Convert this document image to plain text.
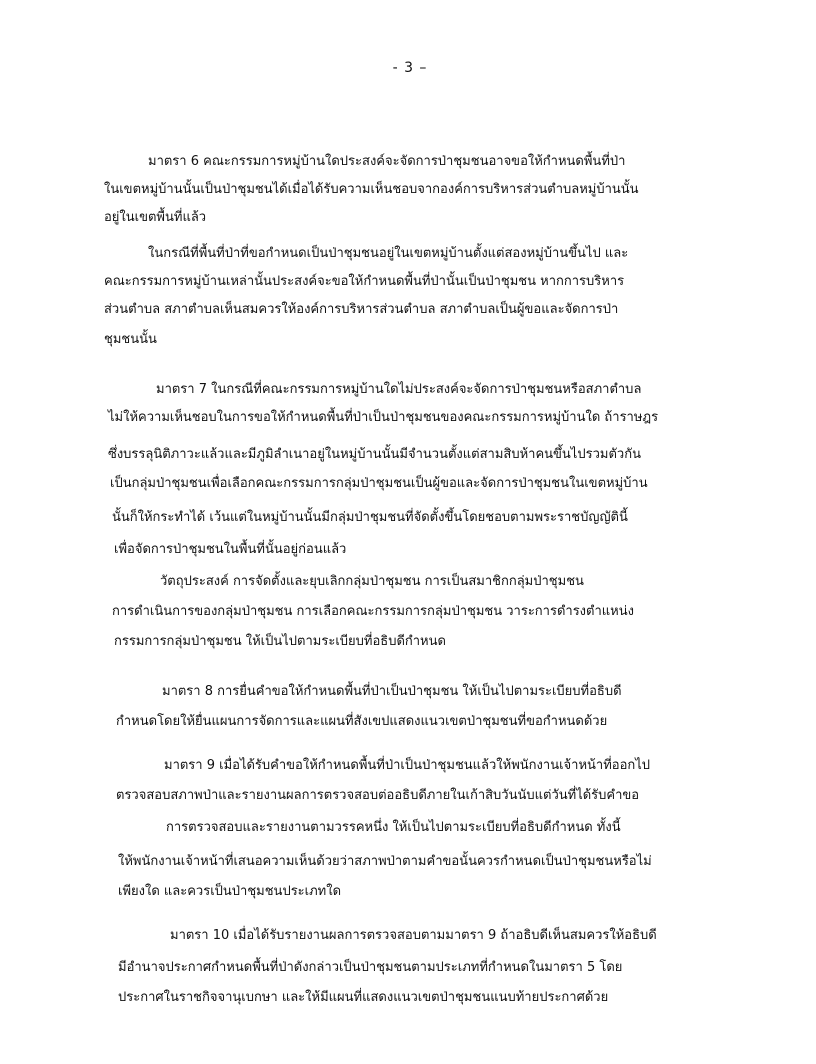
- 3 –
มาตรา 6 คณะกรรมการหมู่บ้านใดประสงค์จะจัดการป่าชุมชนอาจขอให้กำหนดพื้นที่ป่า
ในเขตหมู่บ้านนั้นเป็นป่าชุมชนได้เมื่อได้รับความเห็นชอบจากองค์การบริหารส่วนตำบลหมู่บ้านนั้น
อยู่ในเขตพื้นที่แล้ว
ในกรณีที่พื้นที่ป่าที่ขอกำหนดเป็นป่าชุมชนอยู่ในเขตหมู่บ้านตั้งแต่สองหมู่บ้านขึ้นไป และ
คณะกรรมการหมู่บ้านเหล่านั้นประสงค์จะขอให้กำหนดพื้นที่ป่านั้นเป็นป่าชุมชน หากการบริหาร
ส่วนตำบล สภาตำบลเห็นสมควรให้องค์การบริหารส่วนตำบล สภาตำบลเป็นผู้ขอและจัดการป่า
ชุมชนนั้น
มาตรา 7 ในกรณีที่คณะกรรมการหมู่บ้านใดไม่ประสงค์จะจัดการป่าชุมชนหรือสภาตำบล
ไม่ให้ความเห็นชอบในการขอให้กำหนดพื้นที่ป่าเป็นป่าชุมชนของคณะกรรมการหมู่บ้านใด ถ้าราษฎร
ซึ่งบรรลุนิติภาวะแล้วและมีภูมิลำเนาอยู่ในหมู่บ้านนั้นมีจำนวนตั้งแต่สามสิบห้าคนขึ้นไปรวมตัวกัน
เป็นกลุ่มป่าชุมชนเพื่อเลือกคณะกรรมการกลุ่มป่าชุมชนเป็นผู้ขอและจัดการป่าชุมชนในเขตหมู่บ้าน
นั้นก็ให้กระทำได้ เว้นแต่ในหมู่บ้านนั้นมีกลุ่มป่าชุมชนที่จัดตั้งขึ้นโดยชอบตามพระราชบัญญัตินี้
เพื่อจัดการป่าชุมชนในพื้นที่นั้นอยู่ก่อนแล้ว
วัตถุประสงค์ การจัดตั้งและยุบเลิกกลุ่มป่าชุมชน การเป็นสมาชิกกลุ่มป่าชุมชน
การดำเนินการของกลุ่มป่าชุมชน การเลือกคณะกรรมการกลุ่มป่าชุมชน วาระการดำรงตำแหน่ง
กรรมการกลุ่มป่าชุมชน ให้เป็นไปตามระเบียบที่อธิบดีกำหนด
มาตรา 8 การยื่นคำขอให้กำหนดพื้นที่ป่าเป็นป่าชุมชน ให้เป็นไปตามระเบียบที่อธิบดี
กำหนดโดยให้ยื่นแผนการจัดการและแผนที่สังเขปแสดงแนวเขตป่าชุมชนที่ขอกำหนดด้วย
มาตรา 9 เมื่อได้รับคำขอให้กำหนดพื้นที่ป่าเป็นป่าชุมชนแล้วให้พนักงานเจ้าหน้าที่ออกไป
ตรวจสอบสภาพป่าและรายงานผลการตรวจสอบต่ออธิบดีภายในเก้าสิบวันนับแต่วันที่ได้รับคำขอ
การตรวจสอบและรายงานตามวรรคหนึ่ง ให้เป็นไปตามระเบียบที่อธิบดีกำหนด ทั้งนี้
ให้พนักงานเจ้าหน้าที่เสนอความเห็นด้วยว่าสภาพป่าตามคำขอนั้นควรกำหนดเป็นป่าชุมชนหรือไม่
เพียงใด และควรเป็นป่าชุมชนประเภทใด
มาตรา 10 เมื่อได้รับรายงานผลการตรวจสอบตามมาตรา 9 ถ้าอธิบดีเห็นสมควรให้อธิบดี
มีอำนาจประกาศกำหนดพื้นที่ป่าดังกล่าวเป็นป่าชุมชนตามประเภทที่กำหนดในมาตรา 5 โดย
ประกาศในราชกิจจานุเบกษา และให้มีแผนที่แสดงแนวเขตป่าชุมชนแนบท้ายประกาศด้วย
